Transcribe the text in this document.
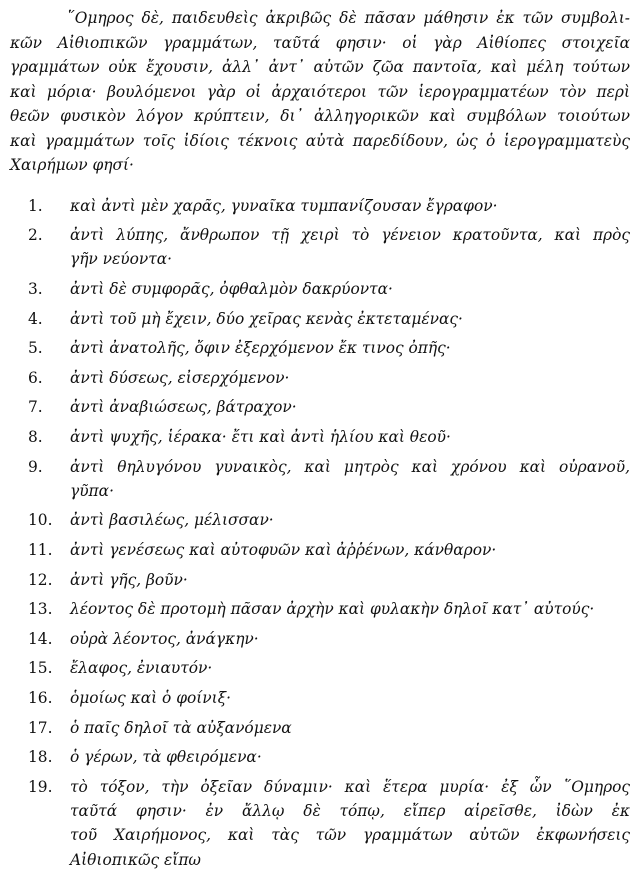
῞Ομηρος δὲ, παιδευθεὶς ἀκριβῶς δὲ πᾶσαν μάθησιν ἐκ τῶν συμβολι-
κῶν Αἰθιοπικῶν γραμμάτων, ταῦτά φησιν· οἱ γὰρ Αἰθίοπες στοιχεῖα
γραμμάτων οὐκ ἔχουσιν, ἀλλ᾿ ἀντ᾿ αὐτῶν ζῶα παντοῖα, καὶ μέλη τούτων
καὶ μόρια· βουλόμενοι γὰρ οἱ ἀρχαιότεροι τῶν ἱερογραμματέων τὸν περὶ
θεῶν φυσικὸν λόγον κρύπτειν, δι᾿ ἀλληγορικῶν καὶ συμβόλων τοιούτων
καὶ γραμμάτων τοῖς ἰδίοις τέκνοις αὐτὰ παρεδίδουν, ὡς ὁ ἱερογραμματεὺς
Χαιρήμων φησί·
1.	καὶ ἀντὶ μὲν χαρᾶς, γυναῖκα τυμπανίζουσαν ἔγραφον·
2.	ἀντὶ λύπης, ἄνθρωπον τῇ χειρὶ τὸ γένειον κρατοῦντα, καὶ πρὸς
γῆν νεύοντα·
3.	ἀντὶ δὲ συμφορᾶς, ὀφθαλμὸν δακρύοντα·
4.	ἀντὶ τοῦ μὴ ἔχειν, δύο χεῖρας κενὰς ἐκτεταμένας·
5.	ἀντὶ ἀνατολῆς, ὄφιν ἐξερχόμενον ἔκ τινος ὀπῆς·
6.	ἀντὶ δύσεως, εἰσερχόμενον·
7.	ἀντὶ ἀναβιώσεως, βάτραχον·
8.	ἀντὶ ψυχῆς, ἱέρακα· ἔτι καὶ ἀντὶ ἡλίου καὶ θεοῦ·
9.	ἀντὶ θηλυγόνου γυναικὸς, καὶ μητρὸς καὶ χρόνου καὶ οὐρανοῦ,
γῦπα·
10.	ἀντὶ βασιλέως, μέλισσαν·
11.	ἀντὶ γενέσεως καὶ αὐτοφυῶν καὶ ἀῤῥένων, κάνθαρον·
12.	ἀντὶ γῆς, βοῦν·
13.	λέοντος δὲ προτομὴ πᾶσαν ἀρχὴν καὶ φυλακὴν δηλοῖ κατ᾿ αὐτούς·
14.	οὐρὰ λέοντος, ἀνάγκην·
15.	ἔλαφος, ἐνιαυτόν·
16.	ὁμοίως καὶ ὁ φοίνιξ·
17.	ὁ παῖς δηλοῖ τὰ αὐξανόμενα
18.	ὁ γέρων, τὰ φθειρόμενα·
19.	τὸ τόξον, τὴν ὀξεῖαν δύναμιν· καὶ ἕτερα μυρία· ἐξ ὧν ῞Ομηρος
ταῦτά φησιν· ἐν ἄλλῳ δὲ τόπῳ, εἴπερ αἱρεῖσθε, ἰδὼν ἐκ
τοῦ Χαιρήμονος, καὶ τὰς τῶν γραμμάτων αὐτῶν ἐκφωνήσεις
Αἰθιοπικῶς εἴπω
